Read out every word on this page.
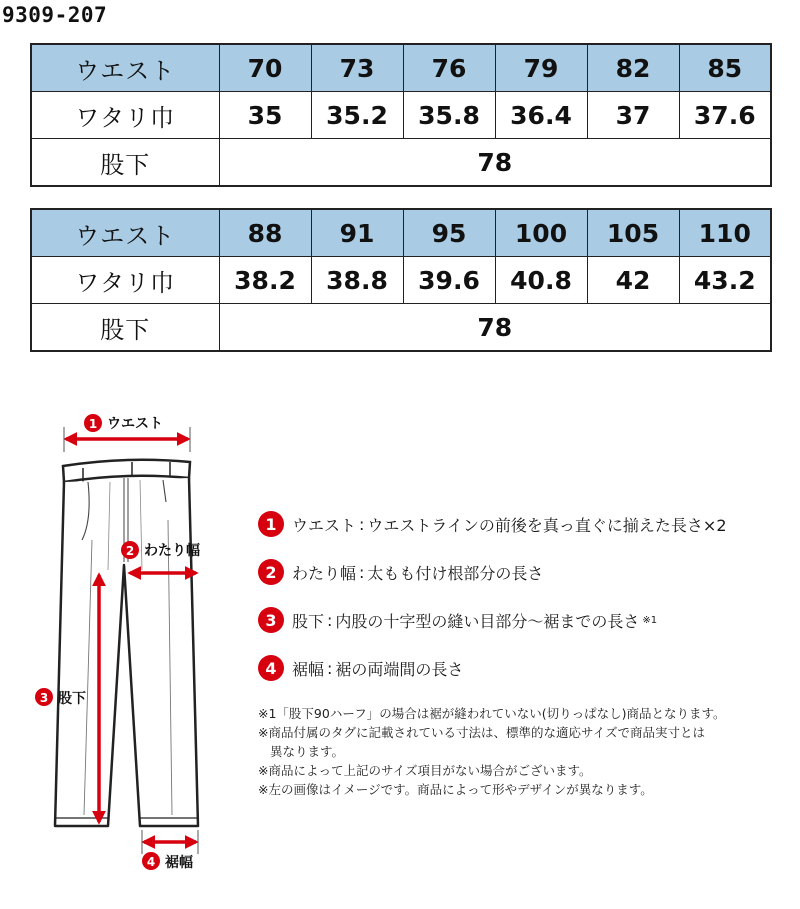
9309-207
ウエスト	70	73	76	79	82	85
ワタリ巾	35	35.2	35.8	36.4	37	37.6
股下	78					
ウエスト	88	91	95	100	105	110
ワタリ巾	38.2	38.8	39.6	40.8	42	43.2
股下	78					
1 ウエスト
2 わたり幅
3 股下
4 裾幅
1 ウエスト : ウエストラインの前後を真っ直ぐに揃えた長さ×2
2 わたり幅 : 太もも付け根部分の長さ
3 股下 : 内股の十字型の縫い目部分〜裾までの長さ ※1
4 裾幅 : 裾の両端間の長さ

※1「股下90ハーフ」の場合は裾が縫われていない(切りっぱなし)商品となります。

※商品付属のタグに記載されている寸法は、標準的な適応サイズで商品実寸とは

異なります。

※商品によって上記のサイズ項目がない場合がございます。

※左の画像はイメージです。商品によって形やデザインが異なります。
